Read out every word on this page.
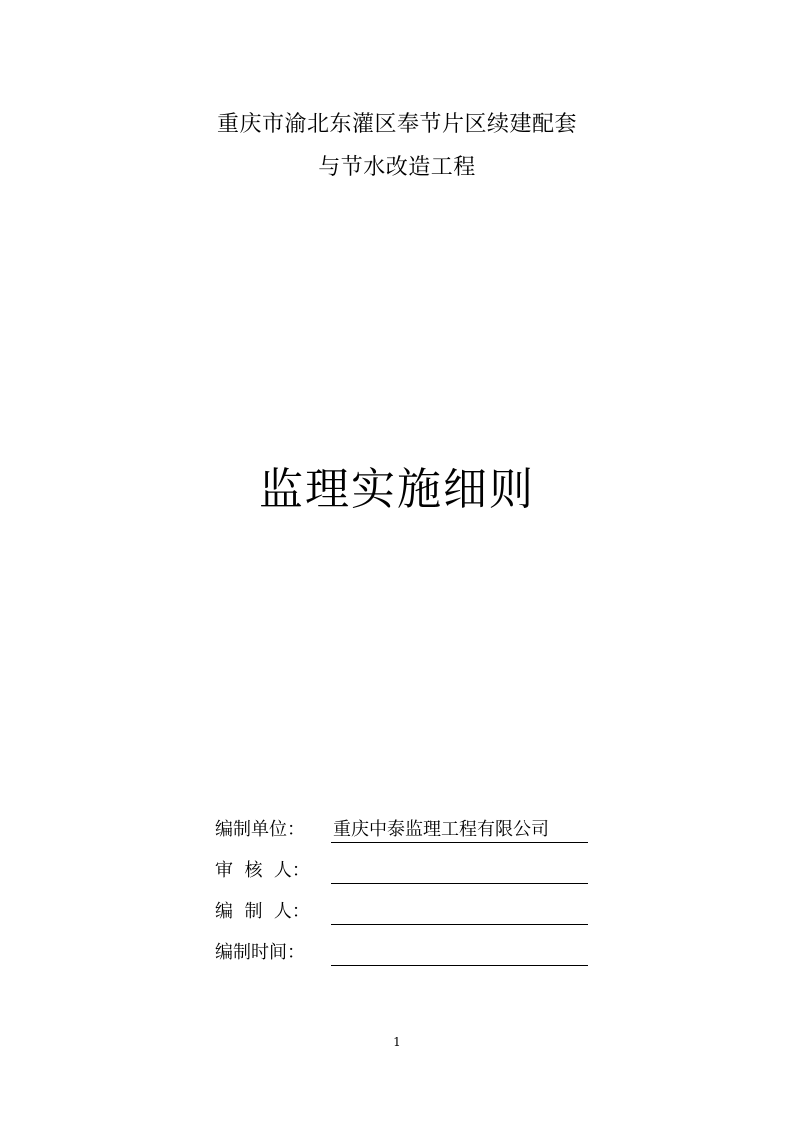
重庆市渝北东灌区奉节片区续建配套
与节水改造工程
监理实施细则
编制单位： 重庆中泰监理工程有限公司
审  核  人：
编  制  人：
编制时间：
1
